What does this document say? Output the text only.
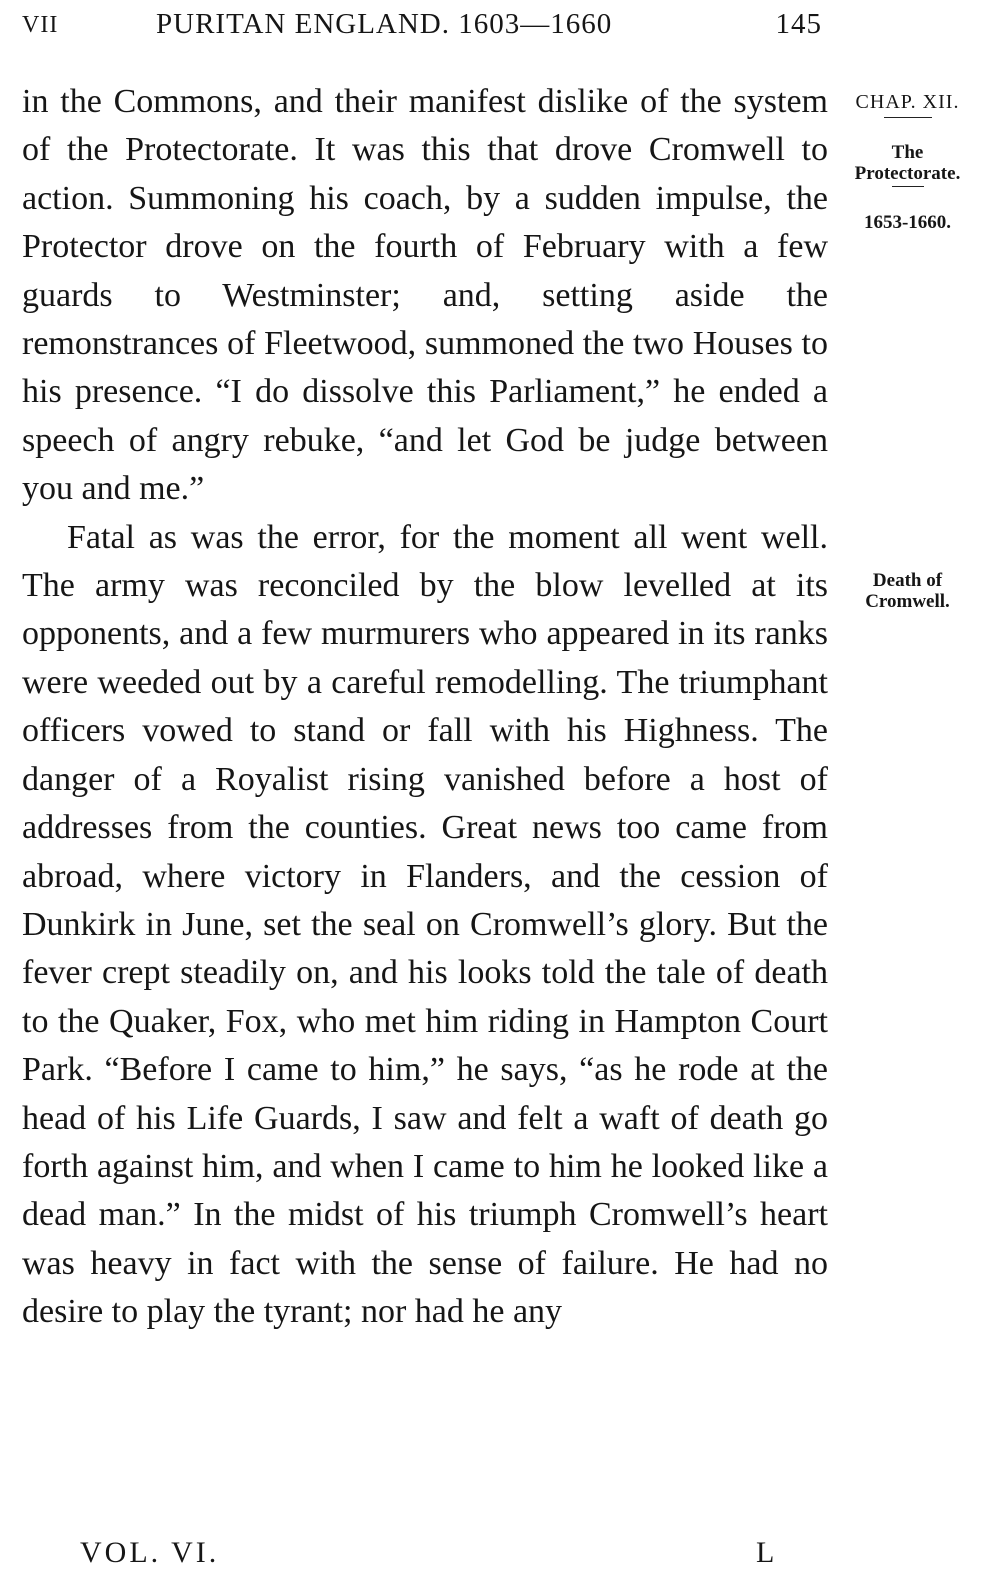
VII	PURITAN ENGLAND. 1603—1660	145

in the Commons, and their manifest dislike of the system of the Protectorate. It was this that drove Cromwell to action. Summoning his coach, by a sudden impulse, the Protector drove on the fourth of February with a few guards to Westminster; and, setting aside the remonstrances of Fleetwood, summoned the two Houses to his presence. “I do dissolve this Parliament,” he ended a speech of angry rebuke, “and let God be judge between you and me.”

Fatal as was the error, for the moment all went well. The army was reconciled by the blow levelled at its opponents, and a few murmurers who appeared in its ranks were weeded out by a careful remodelling. The triumphant officers vowed to stand or fall with his Highness. The danger of a Royalist rising vanished before a host of addresses from the counties. Great news too came from abroad, where victory in Flanders, and the cession of Dunkirk in June, set the seal on Cromwell’s glory. But the fever crept steadily on, and his looks told the tale of death to the Quaker, Fox, who met him riding in Hampton Court Park. “Before I came to him,” he says, “as he rode at the head of his Life Guards, I saw and felt a waft of death go forth against him, and when I came to him he looked like a dead man.” In the midst of his triumph Cromwell’s heart was heavy in fact with the sense of failure. He had no desire to play the tyrant; nor had he any

CHAP. XII.
The Protectorate.
1653-1660.
Death of Cromwell.
VOL. VI.	L
